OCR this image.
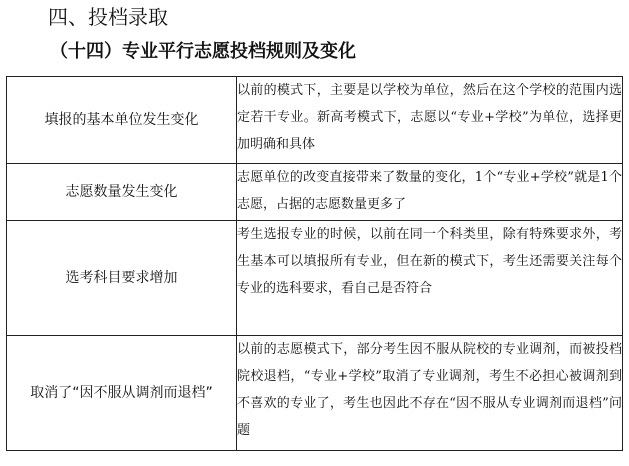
四、投档录取
（十四）专业平行志愿投档规则及变化
填报的基本单位发生变化	以前的模式下，主要是以学校为单位，然后在这个学校的范围内选定若干专业。新高考模式下，志愿以“专业+学校”为单位，选择更加明确和具体
志愿数量发生变化	志愿单位的改变直接带来了数量的变化，1个“专业+学校”就是1个志愿，占据的志愿数量更多了
选考科目要求增加	考生选报专业的时候，以前在同一个科类里，除有特殊要求外，考生基本可以填报所有专业，但在新的模式下，考生还需要关注每个专业的选科要求，看自己是否符合
取消了“因不服从调剂而退档”	以前的志愿模式下，部分考生因不服从院校的专业调剂，而被投档院校退档，“专业+学校”取消了专业调剂，考生不必担心被调剂到不喜欢的专业了，考生也因此不存在“因不服从专业调剂而退档”问题
